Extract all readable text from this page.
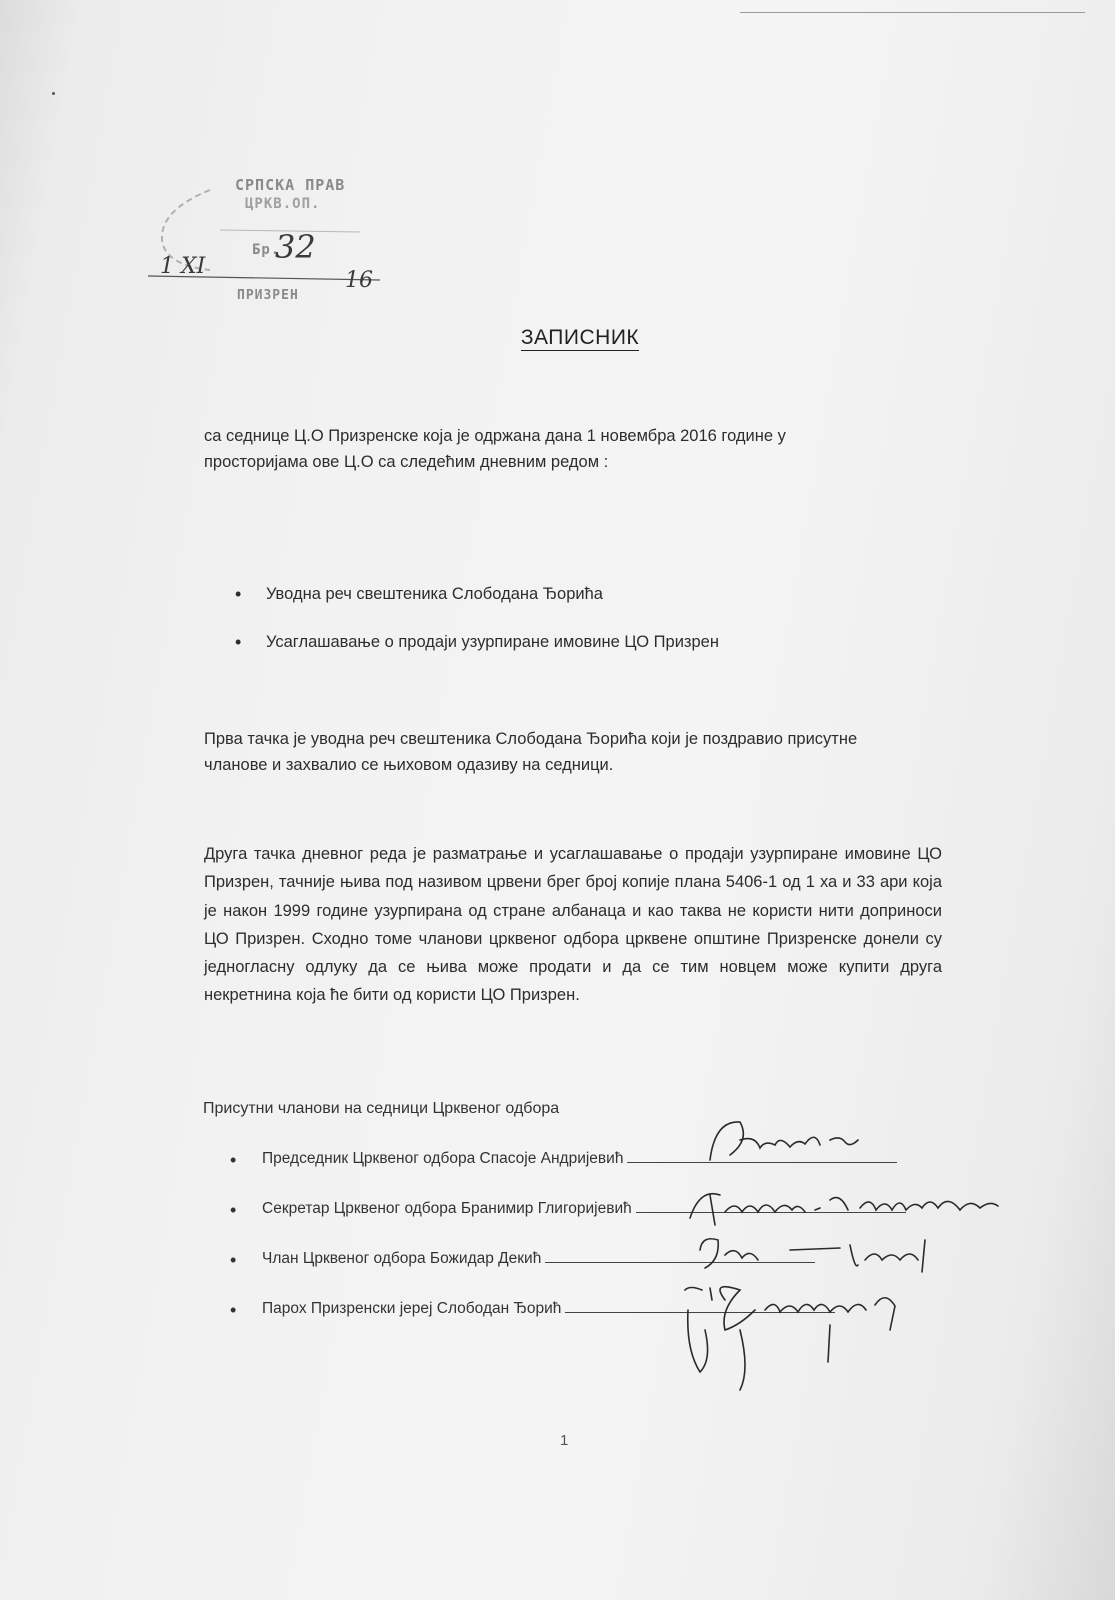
СРПСКА ПРАВ
ЦРКВ.ОП.
Бр.
32
1 XI
16
ПРИЗРЕН
ЗАПИСНИК
са седнице Ц.О Призренске која је одржана дана 1 новембра 2016 године у просторијама ове Ц.О са следећим дневним редом :
• Уводна реч свештеника Слободана Ђорића
• Усаглашавање о продаји узурпиране имовине ЦО Призрен
Прва тачка је уводна реч свештеника Слободана Ђорића који је поздравио присутне чланове и захвалио се њиховом одазиву на седници.
Друга тачка дневног реда је разматрање и усаглашавање о продаји узурпиране имовине ЦО Призрен, тачније њива под називом црвени брег број копије плана 5406-1 од 1 ха и 33 ари која је након 1999 године узурпирана од стране албанаца и као таква не користи нити доприноси ЦО Призрен. Сходно томе чланови црквеног одбора црквене општине Призренске донели су једногласну одлуку да се њива може продати и да се тим новцем може купити друга некретнина која ће бити од користи ЦО Призрен.
Присутни чланови на седници Црквеног одбора
• Председник Црквеног одбора Спасоје Андријевић
• Секретар Црквеног одбора Бранимир Глигоријевић
• Члан Црквеног одбора Божидар Декић
• Парох Призренски јереј Слободан Ђорић
1
